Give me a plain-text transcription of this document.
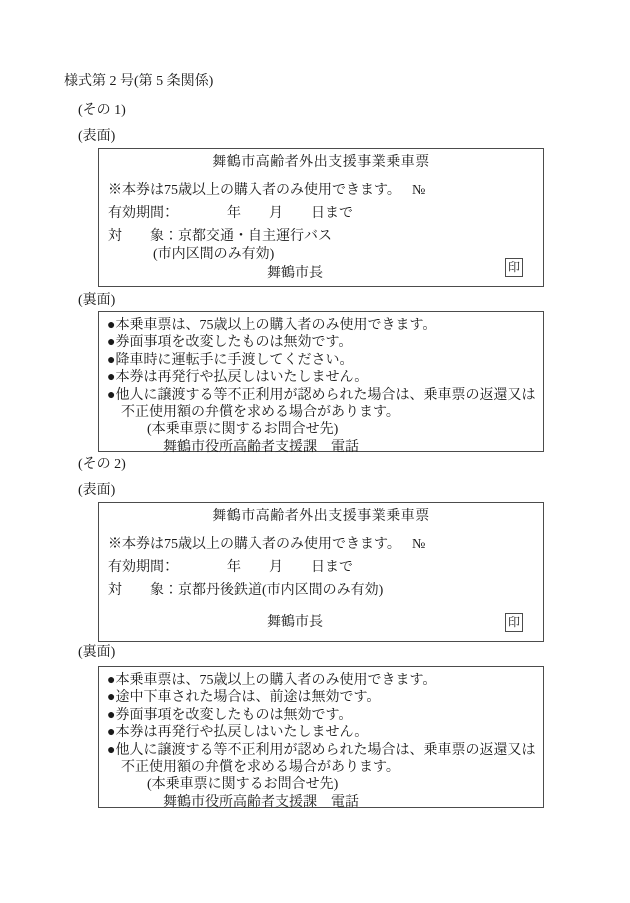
様式第 2 号(第 5 条関係)
(その 1)
(表面)
舞鶴市高齢者外出支援事業乗車票
※本券は75歳以上の購入者のみ使用できます。 №
有効期間：　　　　年　　月　　日まで
対　　象：京都交通・自主運行バス
(市内区間のみ有効)
舞鶴市長	印
(裏面)
●本乗車票は、75歳以上の購入者のみ使用できます。
●券面事項を改変したものは無効です。
●降車時に運転手に手渡してください。
●本券は再発行や払戻しはいたしません。
●他人に譲渡する等不正利用が認められた場合は、乗車票の返還又は
不正使用額の弁償を求める場合があります。
(本乗車票に関するお問合せ先)
舞鶴市役所高齢者支援課　電話
(その 2)
(表面)
舞鶴市高齢者外出支援事業乗車票
※本券は75歳以上の購入者のみ使用できます。 №
有効期間：　　　　年　　月　　日まで
対　　象：京都丹後鉄道(市内区間のみ有効)
舞鶴市長	印
(裏面)
●本乗車票は、75歳以上の購入者のみ使用できます。
●途中下車された場合は、前途は無効です。
●券面事項を改変したものは無効です。
●本券は再発行や払戻しはいたしません。
●他人に譲渡する等不正利用が認められた場合は、乗車票の返還又は
不正使用額の弁償を求める場合があります。
(本乗車票に関するお問合せ先)
舞鶴市役所高齢者支援課　電話
